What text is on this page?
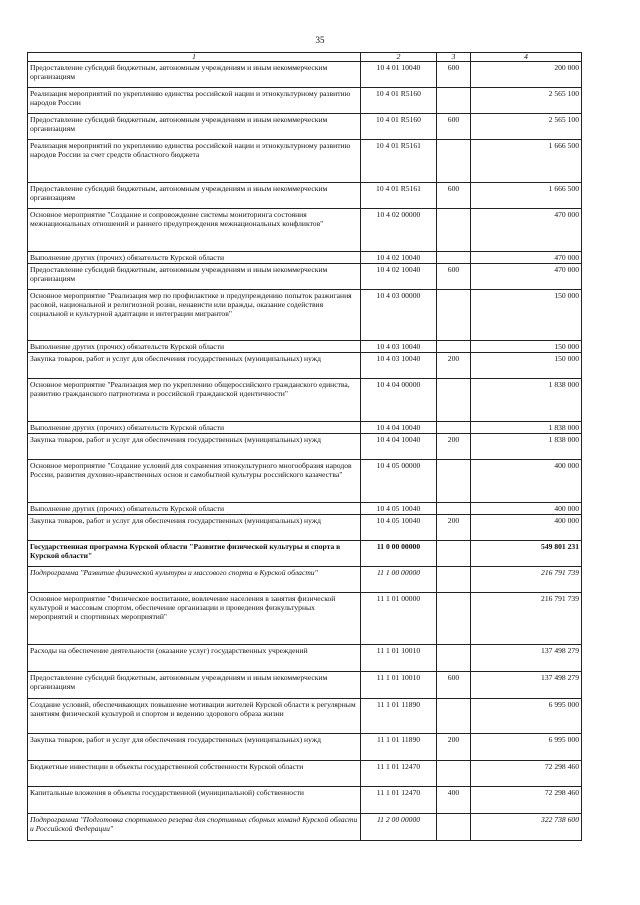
35
1	2	3	4
Предоставление субсидий бюджетным, автономным учреждениям и иным некоммерческим организациям	10 4 01 10040	600	200 000
Реализация мероприятий по укреплению единства российской нации и этнокультурному развитию народов России	10 4 01 R5160		2 565 100
Предоставление субсидий бюджетным, автономным учреждениям и иным некоммерческим организациям	10 4 01 R5160	600	2 565 100
Реализация мероприятий по укреплению единства российской нации и этнокультурному развитию народов России за счет средств областного бюджета	10 4 01 R5161		1 666 500
Предоставление субсидий бюджетным, автономным учреждениям и иным некоммерческим организациям	10 4 01 R5161	600	1 666 500
Основное мероприятие "Создание и сопровождение системы мониторинга состояния межнациональных отношений и раннего предупреждения межнациональных конфликтов"	10 4 02 00000		470 000
Выполнение других (прочих) обязательств Курской области	10 4 02 10040		470 000
Предоставление субсидий бюджетным, автономным учреждениям и иным некоммерческим организациям	10 4 02 10040	600	470 000
Основное мероприятие "Реализация мер по профилактике и предупреждению попыток разжигания расовой, национальной и религиозной розни, ненависти или вражды, оказание содействия социальной и культурной адаптации и интеграции мигрантов"	10 4 03 00000		150 000
Выполнение других (прочих) обязательств Курской области	10 4 03 10040		150 000
Закупка товаров, работ и услуг для обеспечения государственных (муниципальных) нужд	10 4 03 10040	200	150 000
Основное мероприятие "Реализация мер по укреплению общероссийского гражданского единства, развитию гражданского патриотизма и российской гражданской идентичности"	10 4 04 00000		1 838 000
Выполнение других (прочих) обязательств Курской области	10 4 04 10040		1 838 000
Закупка товаров, работ и услуг для обеспечения государственных (муниципальных) нужд	10 4 04 10040	200	1 838 000
Основное мероприятие "Создание условий для сохранения этнокультурного многообразия народов России, развития духовно-нравственных основ и самобытной культуры российского казачества"	10 4 05 00000		400 000
Выполнение других (прочих) обязательств Курской области	10 4 05 10040		400 000
Закупка товаров, работ и услуг для обеспечения государственных (муниципальных) нужд	10 4 05 10040	200	400 000
Государственная программа Курской области "Развитие физической культуры и спорта в Курской области"	11 0 00 00000		549 801 231
Подпрограмма "Развитие физической культуры и массового спорта в Курской области"	11 1 00 00000		216 791 739
Основное мероприятие "Физическое воспитание, вовлечение населения в занятия физической культурой и массовым спортом, обеспечение организации и проведения физкультурных мероприятий и спортивных мероприятий"	11 1 01 00000		216 791 739
Расходы на обеспечение деятельности (оказание услуг) государственных учреждений	11 1 01 10010		137 498 279
Предоставление субсидий бюджетным, автономным учреждениям и иным некоммерческим организациям	11 1 01 10010	600	137 498 279
Создание условий, обеспечивающих повышение мотивации жителей Курской области к регулярным занятиям физической культурой и спортом и ведению здорового образа жизни	11 1 01 11890		6 995 000
Закупка товаров, работ и услуг для обеспечения государственных (муниципальных) нужд	11 1 01 11890	200	6 995 000
Бюджетные инвестиции в объекты государственной собственности Курской области	11 1 01 12470		72 298 460
Капитальные вложения в объекты государственной (муниципальной) собственности	11 1 01 12470	400	72 298 460
Подпрограмма "Подготовка спортивного резерва для спортивных сборных команд Курской области и Российской Федерации"	11 2 00 00000		322 738 600
